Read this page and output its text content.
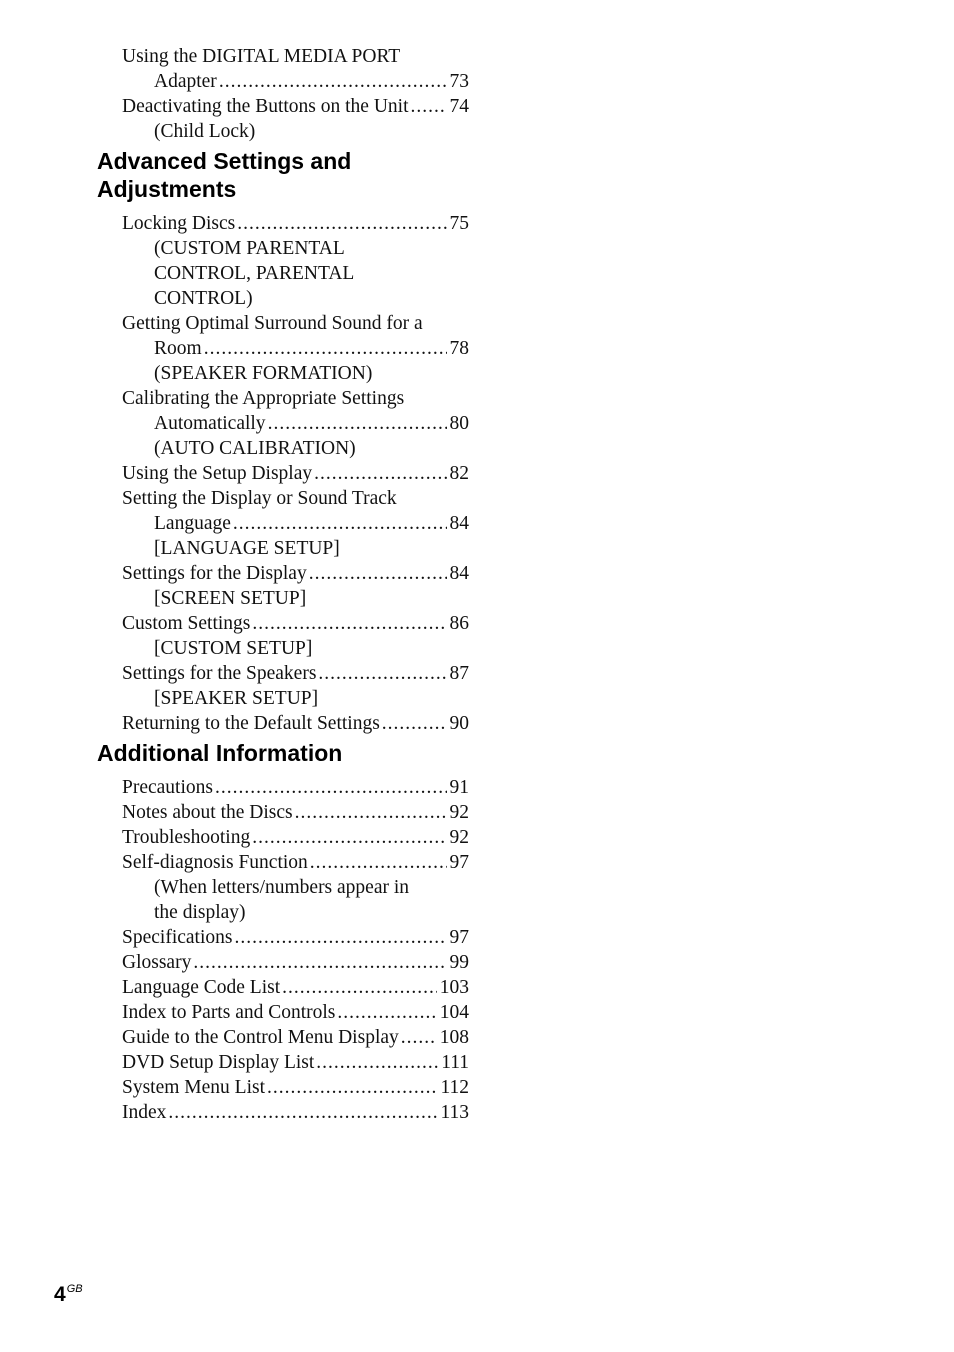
Using the DIGITAL MEDIA PORT
Adapter .....	73
Deactivating the Buttons on the Unit ..... 74
(Child Lock)
Advanced Settings and
Adjustments
Locking Discs .....	75
(CUSTOM PARENTAL
CONTROL, PARENTAL
CONTROL)
Getting Optimal Surround Sound for a
Room .....	78
(SPEAKER FORMATION)
Calibrating the Appropriate Settings
Automatically .....	80
(AUTO CALIBRATION)
Using the Setup Display .....	82
Setting the Display or Sound Track
Language .....	84
[LANGUAGE SETUP]
Settings for the Display .....	84
[SCREEN SETUP]
Custom Settings .....	86
[CUSTOM SETUP]
Settings for the Speakers .....	87
[SPEAKER SETUP]
Returning to the Default Settings .....	90
Additional Information
Precautions .....	91
Notes about the Discs .....	92
Troubleshooting .....	92
Self-diagnosis Function .....	97
(When letters/numbers appear in
the display)
Specifications .....	97
Glossary .....	99
Language Code List .....	103
Index to Parts and Controls .....	104
Guide to the Control Menu Display ..... 108
DVD Setup Display List .....	111
System Menu List .....	112
Index .....	113
$4^{GB}$
